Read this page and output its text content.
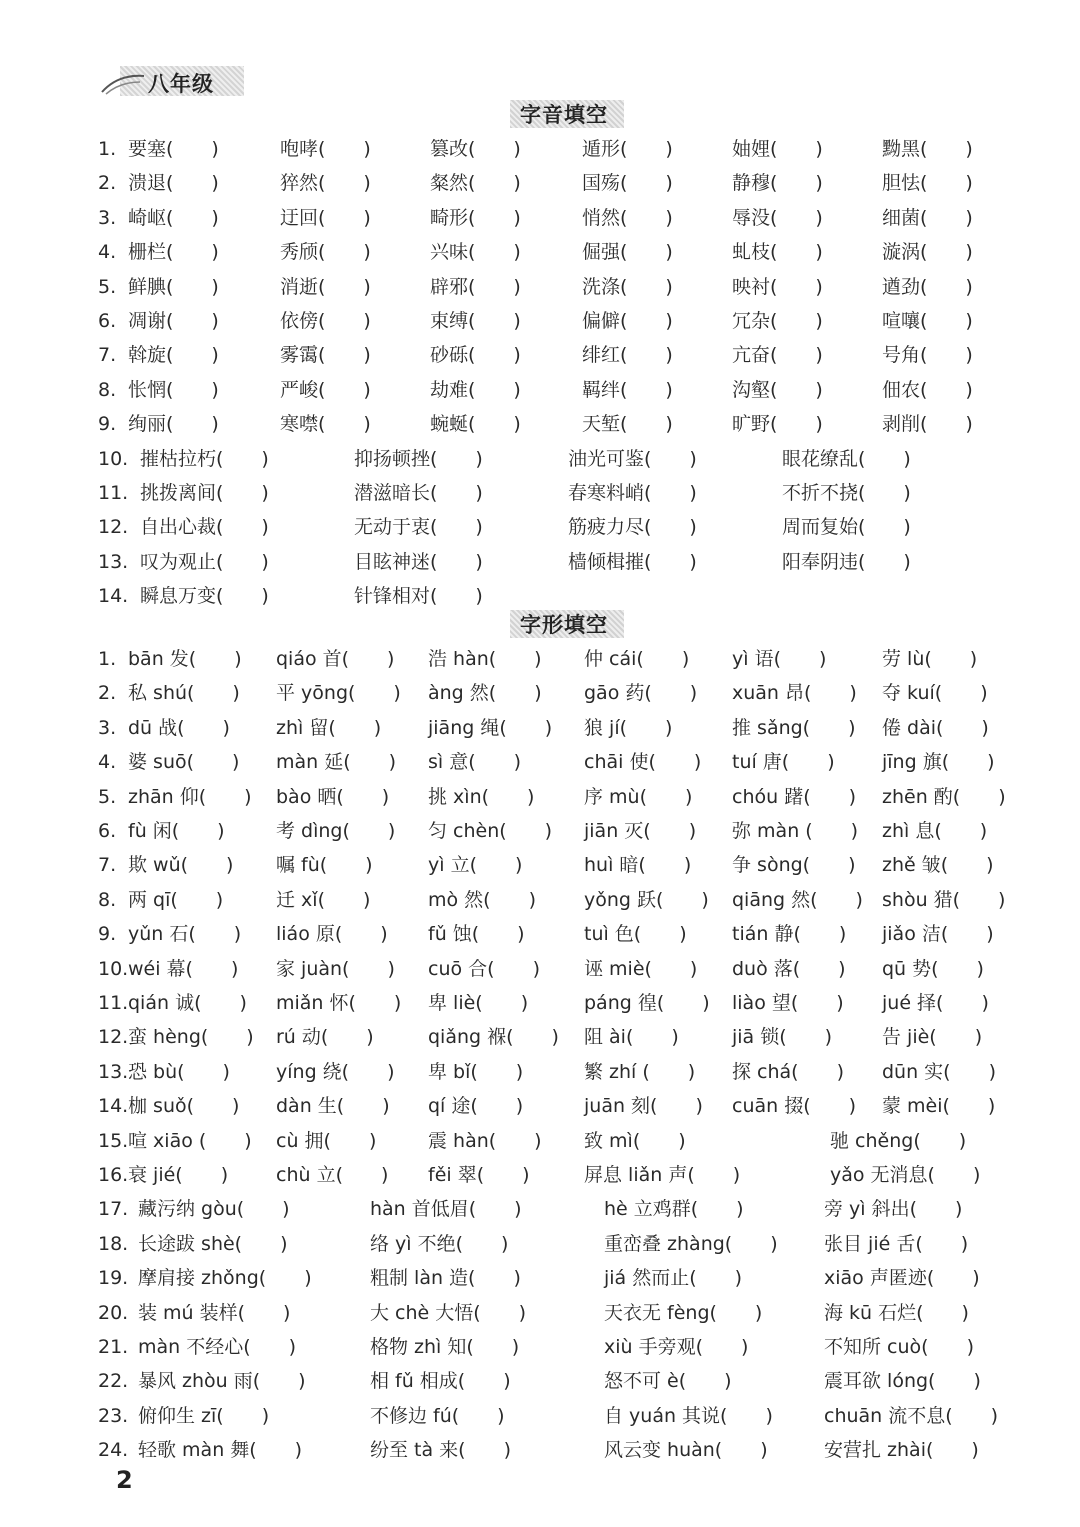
八年级
字音填空
1. 要塞(　　)	咆哮(　　)	篡改(　　)	遁形(　　)	妯娌(　　)	黝黑(　　)
2. 溃退(　　)	猝然(　　)	粲然(　　)	国殇(　　)	静穆(　　)	胆怯(　　)
3. 崎岖(　　)	迂回(　　)	畸形(　　)	悄然(　　)	辱没(　　)	细菌(　　)
4. 栅栏(　　)	秀颀(　　)	兴味(　　)	倔强(　　)	虬枝(　　)	漩涡(　　)
5. 鲜腆(　　)	消逝(　　)	辟邪(　　)	洗涤(　　)	映衬(　　)	遒劲(　　)
6. 凋谢(　　)	依傍(　　)	束缚(　　)	偏僻(　　)	冗杂(　　)	喧嚷(　　)
7. 斡旋(　　)	雾霭(　　)	砂砾(　　)	绯红(　　)	亢奋(　　)	号角(　　)
8. 怅惘(　　)	严峻(　　)	劫难(　　)	羁绊(　　)	沟壑(　　)	佃农(　　)
9. 绚丽(　　)	寒噤(　　)	蜿蜒(　　)	天堑(　　)	旷野(　　)	剥削(　　)
10. 摧枯拉朽(　　)	抑扬顿挫(　　)	油光可鉴(　　)	眼花缭乱(　　)
11. 挑拨离间(　　)	潜滋暗长(　　)	春寒料峭(　　)	不折不挠(　　)
12. 自出心裁(　　)	无动于衷(　　)	筋疲力尽(　　)	周而复始(　　)
13. 叹为观止(　　)	目眩神迷(　　)	樯倾楫摧(　　)	阳奉阴违(　　)
14. 瞬息万变(　　)	针锋相对(　　)
字形填空
1. bān 发(　　) qiáo 首(　　) 浩 hàn(　　) 仲 cái(　　) yì 语(　　)	劳 lù(　　)
2. 私 shú(　　) 平 yōng(　　) àng 然(　　) gāo 药(　　) xuān 昂(　　) 夺 kuí(　　)
3. dū 战(　　) zhì 留(　　) jiāng 绳(　　) 狼 jí(　　)	推 sǎng(　　) 倦 dài(　　)
4. 婆 suō(　　) màn 延(　　) sì 意(　　)	chāi 使(　　) tuí 唐(　　) jīng 旗(　　)
5. zhān 仰(　　) bào 晒(　　) 挑 xìn(　　)	序 mù(　　) chóu 躇(　　) zhēn 酌(　　)
6. fù 闲(　　)	考 dìng(　　) 匀 chèn(　　) jiān 灭(　　) 弥 màn (　　) zhì 息(　　)
7. 欺 wǔ(　　) 嘱 fù(　　)	yì 立(　　)	huì 暗(　　) 争 sòng(　　) zhě 皱(　　)
8. 两 qī(　　)	迁 xǐ(　　)	mò 然(　　)	yǒng 跃(　　) qiāng 然(　　) shòu 猎(　　)
9. yǔn 石(　　) liáo 原(　　) fǔ 蚀(　　)	tuì 色(　　) tián 静(　　) jiǎo 洁(　　)
10. wéi 幕(　　) 家 juàn(　　) cuō 合(　　) 诬 miè(　　) duò 落(　　) qū 势(　　)
11. qián 诚(　　) miǎn 怀(　　) 卑 liè(　　)	páng 徨(　　) liào 望(　　) jué 择(　　)
12. 蛮 hèng(　　) rú 动(　　)	qiǎng 褓(　　) 阻 ài(　　)	jiā 锁(　　)	告 jiè(　　)
13. 恐 bù(　　) yíng 绕(　　) 卑 bǐ(　　)	繁 zhí (　　) 探 chá(　　) dūn 实(　　)
14. 枷 suǒ(　　) dàn 生(　　) qí 途(　　)	juān 刻(　　) cuān 掇(　　) 蒙 mèi(　　)
15. 喧 xiāo (　　) cù 拥(　　)	震 hàn(　　) 致 mì(　　)	驰 chěng(　　)
16. 衰 jié(　　)	chù 立(　　) fěi 翠(　　)	屏息 liǎn 声(　　)	yǎo 无消息(　　)
17. 藏污纳 gòu(　　)	hàn 首低眉(　　)	hè 立鸡群(　　)	旁 yì 斜出(　　)
18. 长途跋 shè(　　)	络 yì 不绝(　　)	重峦叠 zhàng(　　) 张目 jié 舌(　　)
19. 摩肩接 zhǒng(　　)	粗制 làn 造(　　)	jiá 然而止(　　)	xiāo 声匿迹(　　)
20. 装 mú 装样(　　)	大 chè 大悟(　　)	天衣无 fèng(　　)	海 kū 石烂(　　)
21. màn 不经心(　　)	格物 zhì 知(　　)	xiù 手旁观(　　)	不知所 cuò(　　)
22. 暴风 zhòu 雨(　　)	相 fǔ 相成(　　)	怒不可 è(　　)	震耳欲 lóng(　　)
23. 俯仰生 zī(　　)	不修边 fú(　　)	自 yuán 其说(　　)	chuān 流不息(　　)
24. 轻歌 màn 舞(　　)	纷至 tà 来(　　)	风云变 huàn(　　)	安营扎 zhài(　　)
2
